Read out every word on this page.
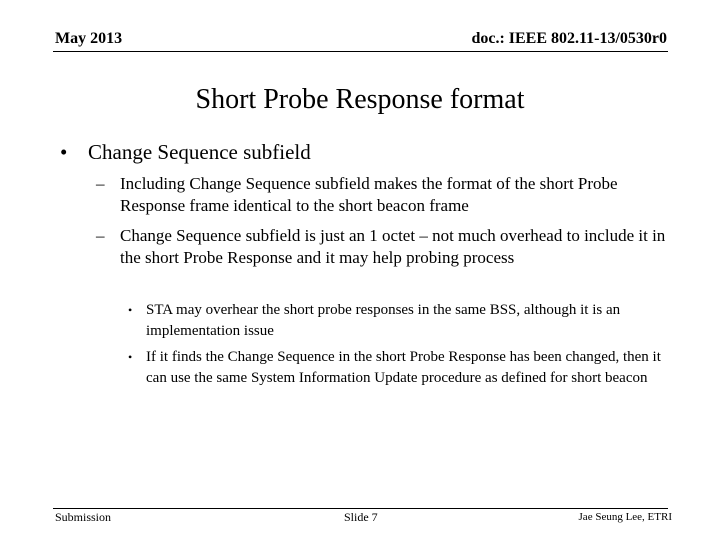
May 2013	doc.: IEEE 802.11-13/0530r0
Short Probe Response format
• Change Sequence subfield
– Including Change Sequence subfield makes the format of the short Probe Response frame identical to the short beacon frame
– Change Sequence subfield is just an 1 octet – not much overhead to include it in the short Probe Response and it may help probing process
• STA may overhear the short probe responses in the same BSS, although it is an implementation issue
• If it finds the Change Sequence in the short Probe Response has been changed, then it can use the same System Information Update procedure as defined for short beacon
Submission	Slide 7	Jae Seung Lee, ETRI
